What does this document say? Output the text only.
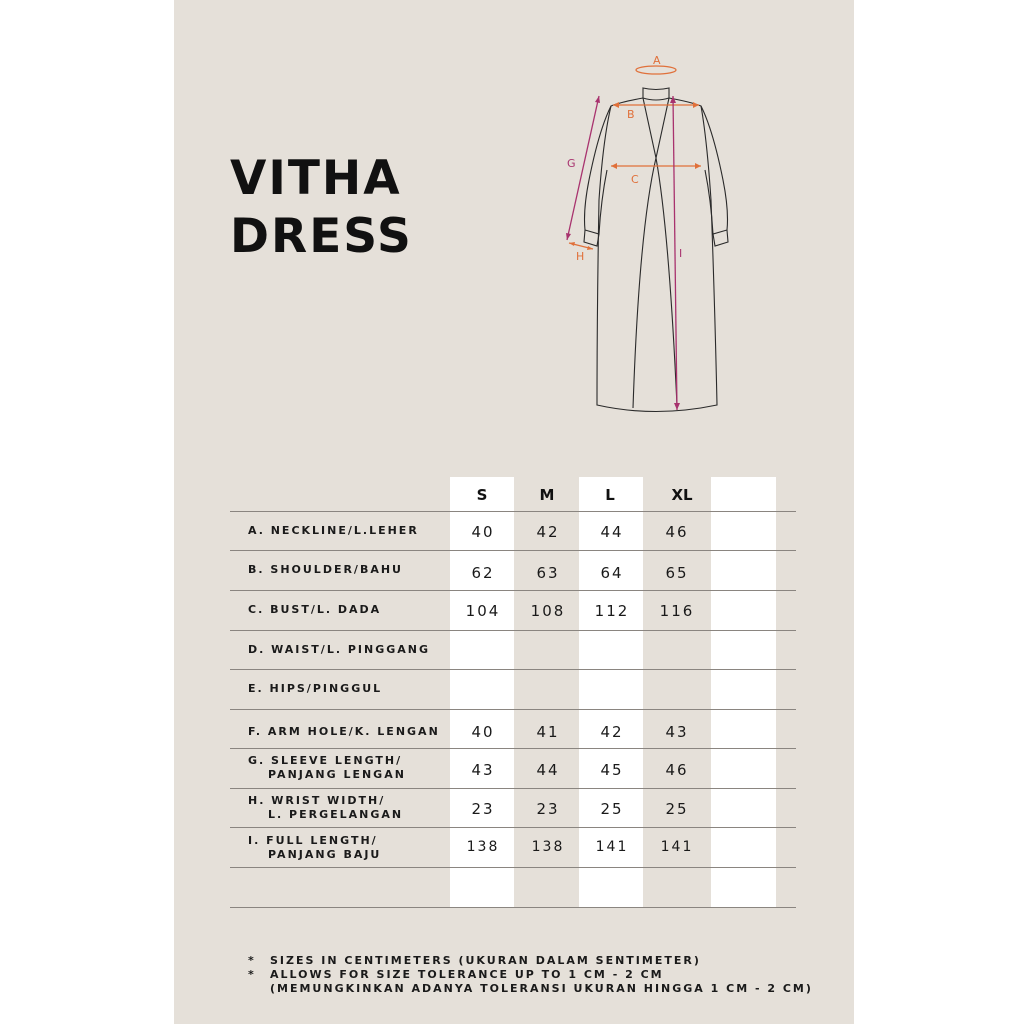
VITHA
DRESS
A
B
C
G
H	I
S	M	L	XL
A. NECKLINE/L.LEHER	40	42	44	46
B. SHOULDER/BAHU	62	63	64	65
C. BUST/L. DADA	104	108	112	116
D. WAIST/L. PINGGANG
E. HIPS/PINGGUL
F. ARM HOLE/K. LENGAN	40	41	42	43
G. SLEEVE LENGTH/
PANJANG LENGAN	43	44	45	46
H. WRIST WIDTH/
L. PERGELANGAN	23	23	25	25
I. FULL LENGTH/
PANJANG BAJU	138	138	141	141
* SIZES IN CENTIMETERS (UKURAN DALAM SENTIMETER)
* ALLOWS FOR SIZE TOLERANCE UP TO 1 CM - 2 CM
(MEMUNGKINKAN ADANYA TOLERANSI UKURAN HINGGA 1 CM - 2 CM)
